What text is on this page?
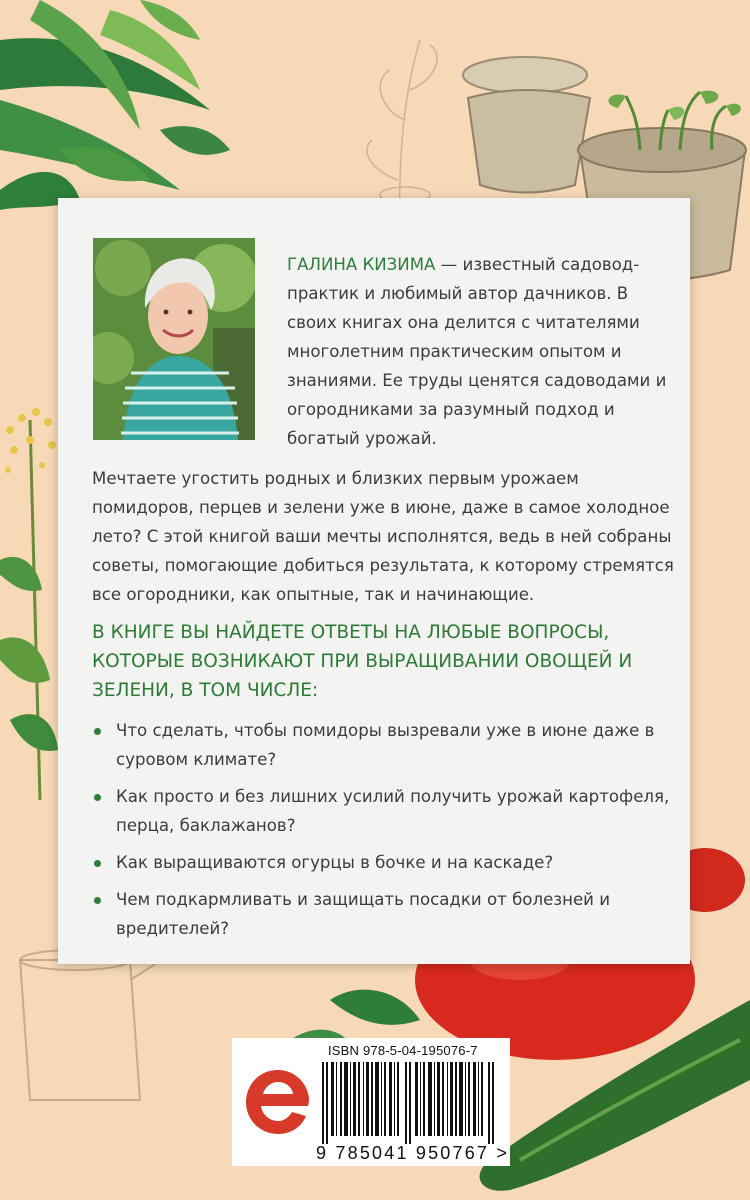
ГАЛИНА КИЗИМА — известный садовод-практик и любимый автор дачников. В своих книгах она делится с читателями многолетним практическим опытом и знаниями. Ее труды ценятся садоводами и огородниками за разумный подход и богатый урожай.
Мечтаете угостить родных и близких первым урожаем помидоров, перцев и зелени уже в июне, даже в самое холодное лето? С этой книгой ваши мечты исполнятся, ведь в ней собраны советы, помогающие добиться результата, к которому стремятся все огородники, как опытные, так и начинающие.
В КНИГЕ ВЫ НАЙДЕТЕ ОТВЕТЫ НА ЛЮБЫЕ ВОПРОСЫ, КОТОРЫЕ ВОЗНИКАЮТ ПРИ ВЫРАЩИВАНИИ ОВОЩЕЙ И ЗЕЛЕНИ, В ТОМ ЧИСЛЕ:
Что сделать, чтобы помидоры вызревали уже в июне даже в суровом климате?
Как просто и без лишних усилий получить урожай картофеля, перца, баклажанов?
Как выращиваются огурцы в бочке и на каскаде?
Чем подкармливать и защищать посадки от болезней и вредителей?
ISBN 978-5-04-195076-7
9 785041 950767 >
